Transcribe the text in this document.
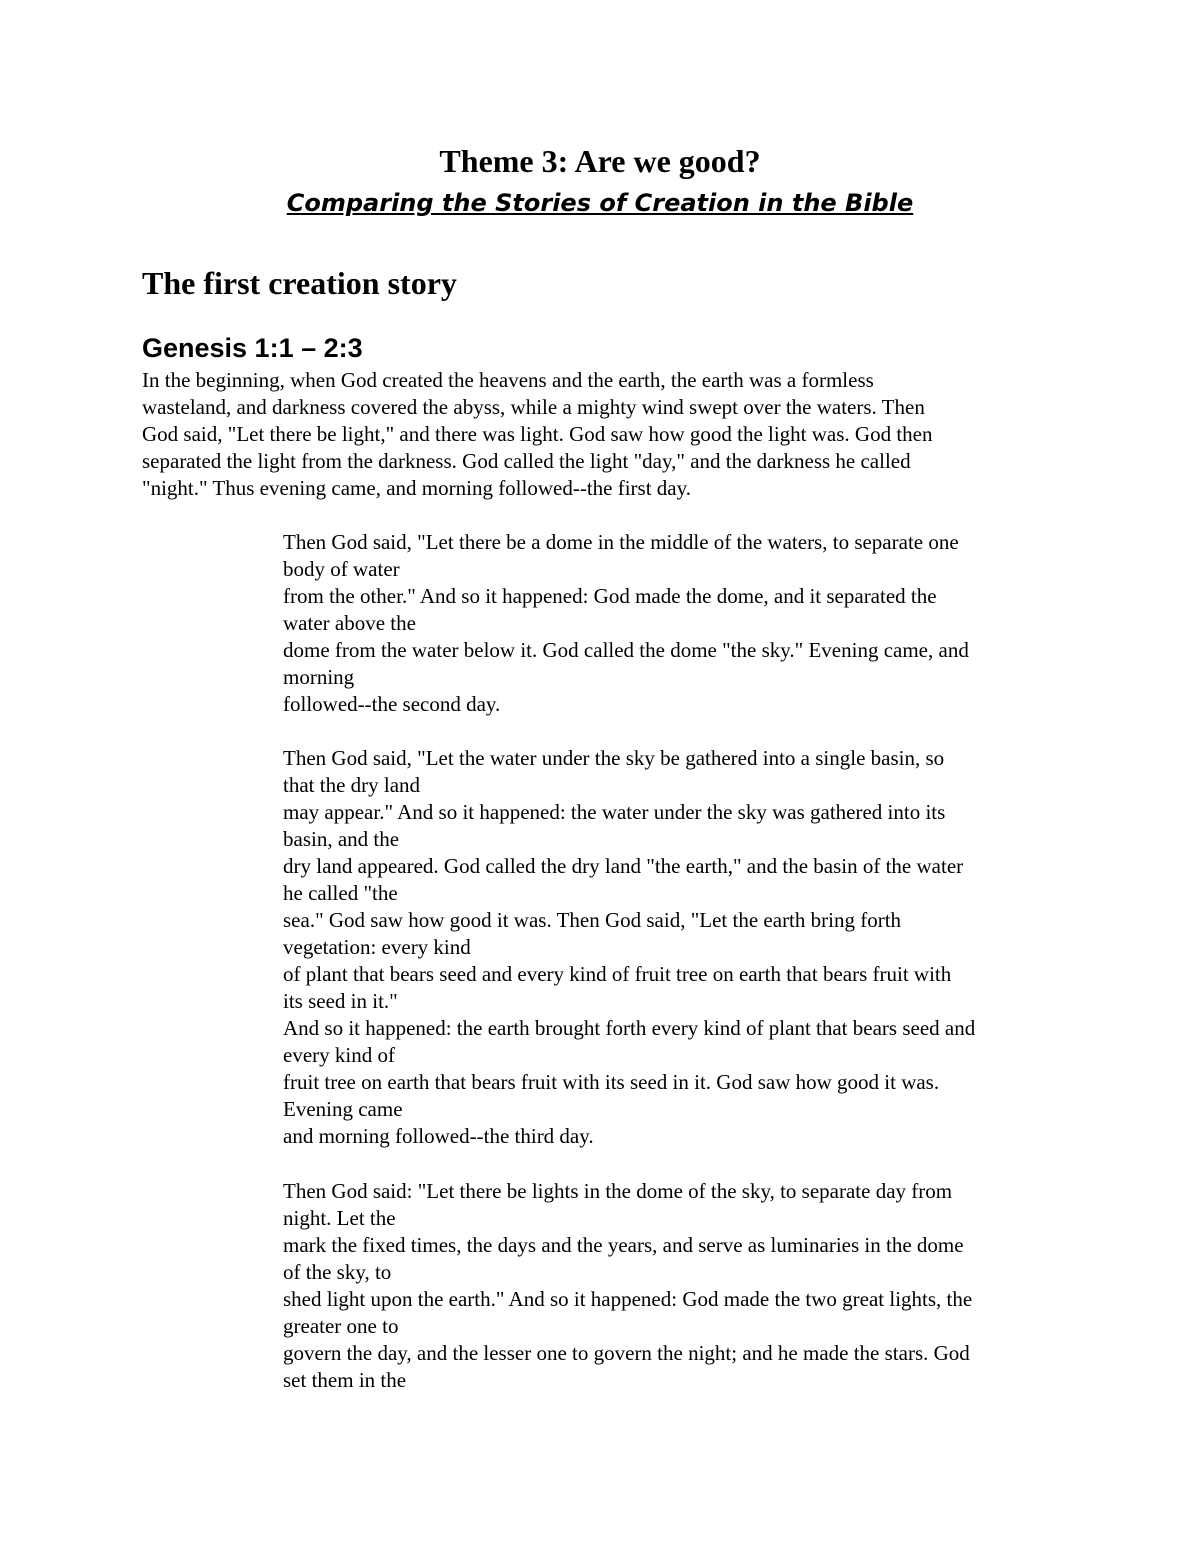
Theme 3: Are we good?
Comparing the Stories of Creation in the Bible
The first creation story
Genesis 1:1 – 2:3
In the beginning, when God created the heavens and the earth, the earth was a formless
wasteland, and darkness covered the abyss, while a mighty wind swept over the waters. Then
God said, "Let there be light," and there was light. God saw how good the light was. God then
separated the light from the darkness. God called the light "day," and the darkness he called
"night." Thus evening came, and morning followed--the first day.
Then God said, "Let there be a dome in the middle of the waters, to separate one
body of water
from the other." And so it happened: God made the dome, and it separated the
water above the
dome from the water below it. God called the dome "the sky." Evening came, and
morning
followed--the second day.
Then God said, "Let the water under the sky be gathered into a single basin, so
that the dry land
may appear." And so it happened: the water under the sky was gathered into its
basin, and the
dry land appeared. God called the dry land "the earth," and the basin of the water
he called "the
sea." God saw how good it was. Then God said, "Let the earth bring forth
vegetation: every kind
of plant that bears seed and every kind of fruit tree on earth that bears fruit with
its seed in it."
And so it happened: the earth brought forth every kind of plant that bears seed and
every kind of
fruit tree on earth that bears fruit with its seed in it. God saw how good it was.
Evening came
and morning followed--the third day.
Then God said: "Let there be lights in the dome of the sky, to separate day from
night. Let the
mark the fixed times, the days and the years, and serve as luminaries in the dome
of the sky, to
shed light upon the earth." And so it happened: God made the two great lights, the
greater one to
govern the day, and the lesser one to govern the night; and he made the stars. God
set them in the
